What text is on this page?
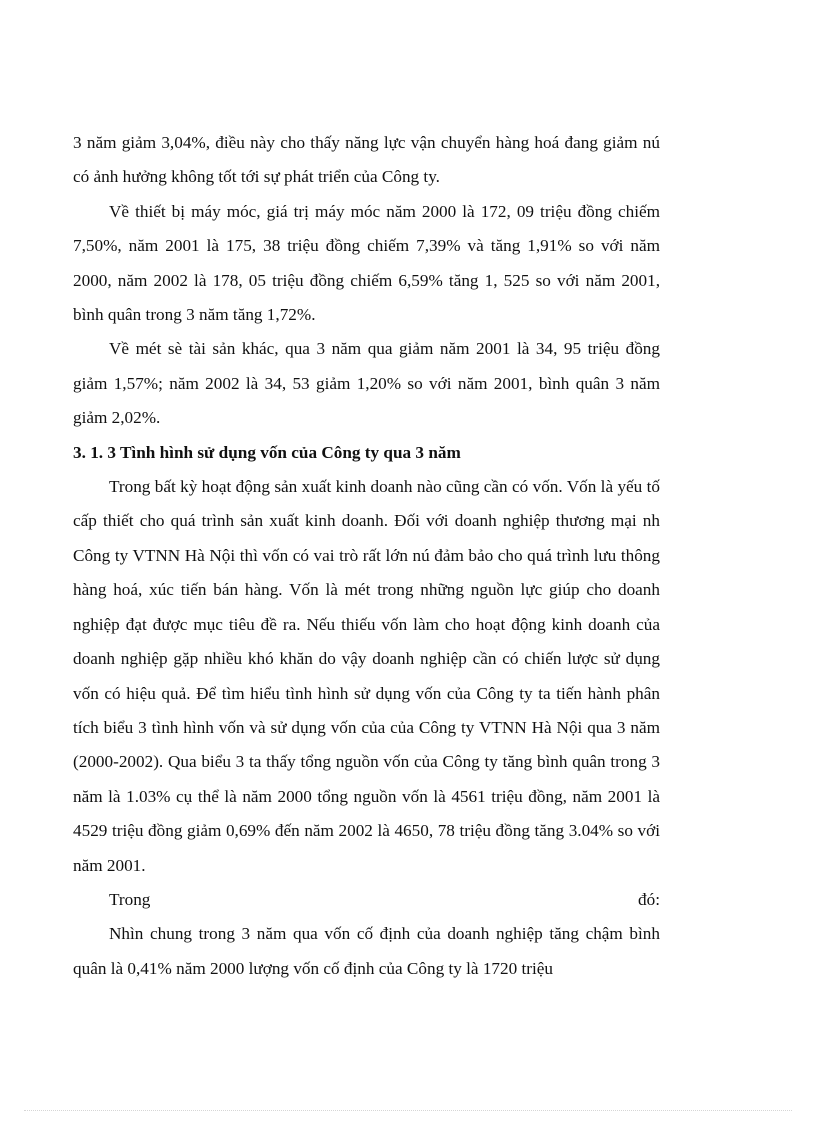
3 năm giảm 3,04%, điều này cho thấy năng lực vận chuyển hàng hoá đang giảm nú có ảnh hưởng không tốt tới sự phát triển của Công ty.

Về thiết bị máy móc, giá trị máy móc năm 2000 là 172, 09 triệu đồng chiếm 7,50%, năm 2001 là 175, 38 triệu đồng chiếm 7,39% và tăng 1,91% so với năm 2000, năm 2002 là 178, 05 triệu đồng chiếm 6,59% tăng 1, 525 so với năm 2001, bình quân trong 3 năm tăng 1,72%.

Về mét sè tài sản khác, qua 3 năm qua giảm năm 2001 là 34, 95 triệu đồng giảm 1,57%; năm 2002 là 34, 53 giảm 1,20% so với năm 2001, bình quân 3 năm giảm 2,02%.

3. 1. 3 Tình hình sử dụng vốn của Công ty qua 3 năm

Trong bất kỳ hoạt động sản xuất kinh doanh nào cũng cần có vốn. Vốn là yếu tố cấp thiết cho quá trình sản xuất kinh doanh. Đối với doanh nghiệp thương mại nh Công ty VTNN Hà Nội thì vốn có vai trò rất lớn nú đảm bảo cho quá trình lưu thông hàng hoá, xúc tiến bán hàng. Vốn là mét trong những nguồn lực giúp cho doanh nghiệp đạt được mục tiêu đề ra. Nếu thiếu vốn làm cho hoạt động kinh doanh của doanh nghiệp gặp nhiều khó khăn do vậy doanh nghiệp cần có chiến lược sử dụng vốn có hiệu quả. Để tìm hiểu tình hình sử dụng vốn của Công ty ta tiến hành phân tích biểu 3 tình hình vốn và sử dụng vốn của của Công ty VTNN Hà Nội qua 3 năm (2000-2002). Qua biểu 3 ta thấy tổng nguồn vốn của Công ty tăng bình quân trong 3 năm là 1.03% cụ thể là năm 2000 tổng nguồn vốn là 4561 triệu đồng, năm 2001 là 4529 triệu đồng giảm 0,69% đến năm 2002 là 4650, 78 triệu đồng tăng 3.04% so với năm 2001.

Trong	đó:

Nhìn chung trong 3 năm qua vốn cố định của doanh nghiệp tăng chậm bình quân là 0,41% năm 2000 lượng vốn cố định của Công ty là 1720 triệu
